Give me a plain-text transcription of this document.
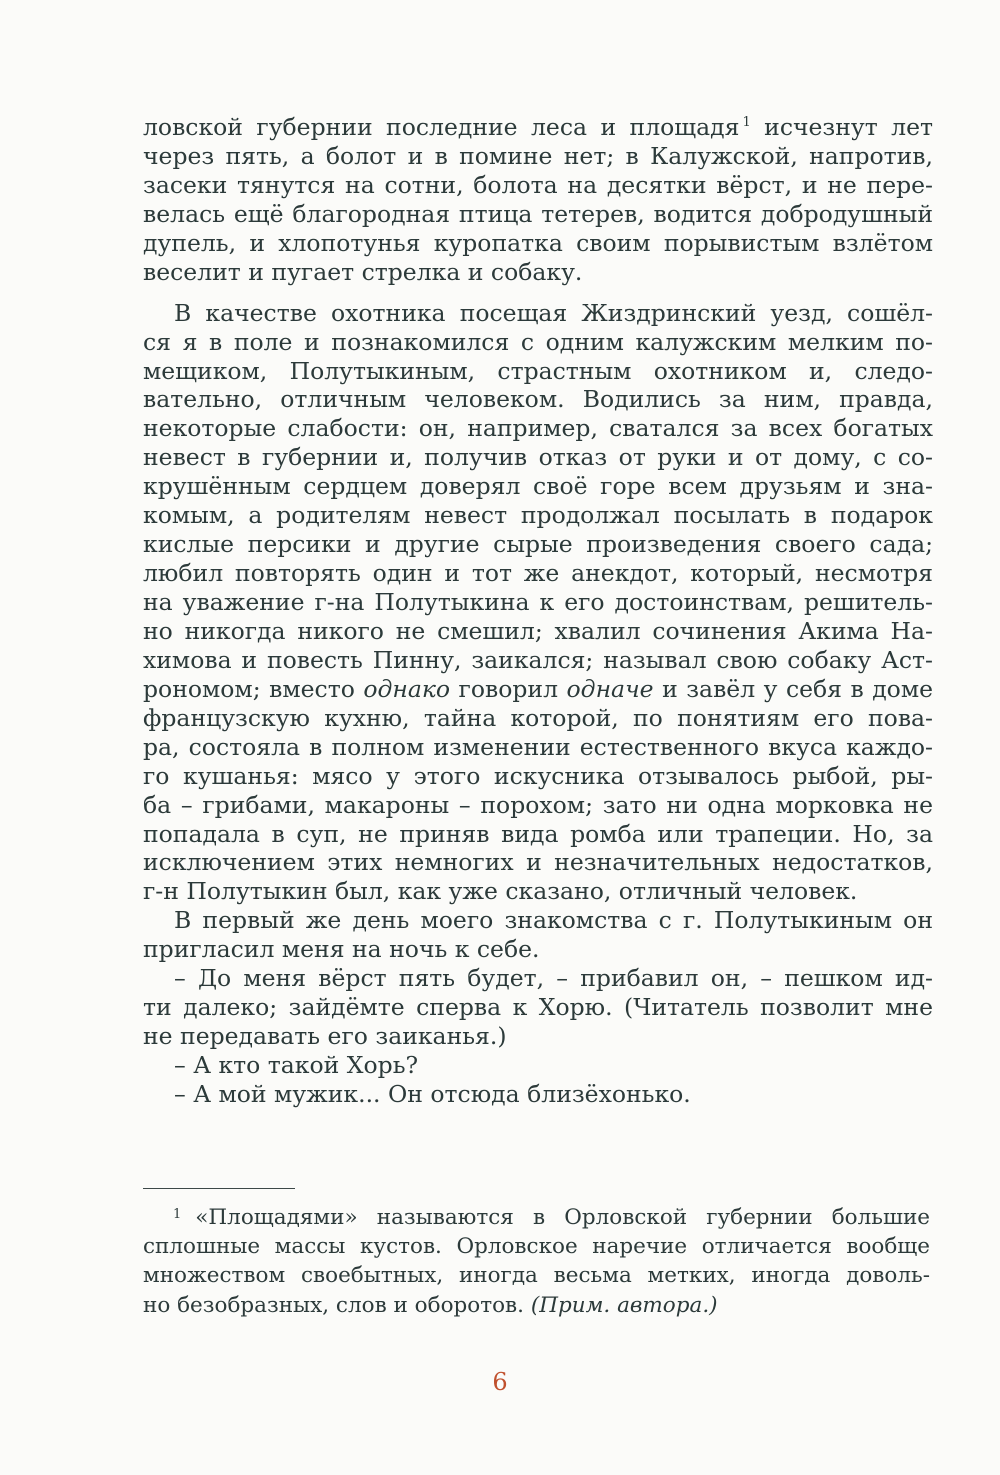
ловской губернии последние леса и площадя $^1$ исчезнут лет
через пять, а болот и в помине нет; в Калужской, напротив,
засеки тянутся на сотни, болота на десятки вёрст, и не пере-
велась ещё благородная птица тетерев, водится добродушный
дупель, и хлопотунья куропатка своим порывистым взлётом
веселит и пугает стрелка и собаку.
В качестве охотника посещая Жиздринский уезд, сошёл-
ся я в поле и познакомился с одним калужским мелким по-
мещиком, Полутыкиным, страстным охотником и, следо-
вательно, отличным человеком. Водились за ним, правда,
некоторые слабости: он, например, сватался за всех богатых
невест в губернии и, получив отказ от руки и от дому, с со-
крушённым сердцем доверял своё горе всем друзьям и зна-
комым, а родителям невест продолжал посылать в подарок
кислые персики и другие сырые произведения своего сада;
любил повторять один и тот же анекдот, который, несмотря
на уважение г-на Полутыкина к его достоинствам, решитель-
но никогда никого не смешил; хвалил сочинения Акима На-
химова и повесть Пинну, заикался; называл свою собаку Аст-
рономом; вместо однако говорил одначе и завёл у себя в доме
французскую кухню, тайна которой, по понятиям его пова-
ра, состояла в полном изменении естественного вкуса каждо-
го кушанья: мясо у этого искусника отзывалось рыбой, ры-
ба – грибами, макароны – порохом; зато ни одна морковка не
попадала в суп, не приняв вида ромба или трапеции. Но, за
исключением этих немногих и незначительных недостатков,
г-н Полутыкин был, как уже сказано, отличный человек.
В первый же день моего знакомства с г. Полутыкиным он
пригласил меня на ночь к себе.
– До меня вёрст пять будет, – прибавил он, – пешком ид-
ти далеко; зайдёмте сперва к Хорю. (Читатель позволит мне
не передавать его заиканья.)
– А кто такой Хорь?
– А мой мужик... Он отсюда близёхонько.
$^1$ «Площадями» называются в Орловской губернии большие
сплошные массы кустов. Орловское наречие отличается вообще
множеством своебытных, иногда весьма метких, иногда доволь-
но безобразных, слов и оборотов. (Прим. автора.)
6
